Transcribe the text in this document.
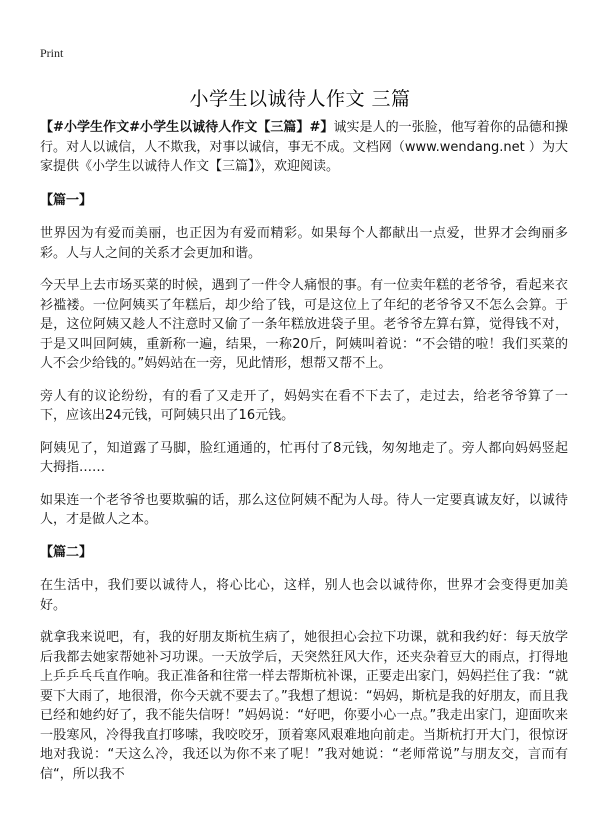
Print
小学生以诚待人作文 三篇

【#小学生作文#小学生以诚待人作文【三篇】#】诚实是人的一张脸，他写着你的品德和操行。对人以诚信，人不欺我，对事以诚信，事无不成。文档网（www.wendang.net ）为大家提供《小学生以诚待人作文【三篇】》，欢迎阅读。

【篇一】

世界因为有爱而美丽，也正因为有爱而精彩。如果每个人都献出一点爱，世界才会绚丽多彩。人与人之间的关系才会更加和谐。

今天早上去市场买菜的时候，遇到了一件令人痛恨的事。有一位卖年糕的老爷爷，看起来衣衫褴褛。一位阿姨买了年糕后，却少给了钱，可是这位上了年纪的老爷爷又不怎么会算。于是，这位阿姨又趁人不注意时又偷了一条年糕放进袋子里。老爷爷左算右算，觉得钱不对，于是又叫回阿姨，重新称一遍，结果，一称20斤，阿姨叫着说：“不会错的啦！我们买菜的人不会少给钱的。”妈妈站在一旁，见此情形，想帮又帮不上。

旁人有的议论纷纷，有的看了又走开了，妈妈实在看不下去了，走过去，给老爷爷算了一下，应该出24元钱，可阿姨只出了16元钱。

阿姨见了，知道露了马脚，脸红通通的，忙再付了8元钱，匆匆地走了。旁人都向妈妈竖起大拇指……

如果连一个老爷爷也要欺骗的话，那么这位阿姨不配为人母。待人一定要真诚友好，以诚待人，才是做人之本。

【篇二】

在生活中，我们要以诚待人，将心比心，这样，别人也会以诚待你，世界才会变得更加美好。

就拿我来说吧，有，我的好朋友斯杭生病了，她很担心会拉下功课，就和我约好：每天放学后我都去她家帮她补习功课。一天放学后，天突然狂风大作，还夹杂着豆大的雨点，打得地上乒乒乓乓直作响。我正准备和往常一样去帮斯杭补课，正要走出家门，妈妈拦住了我：“就要下大雨了，地很滑，你今天就不要去了。”我想了想说：“妈妈，斯杭是我的好朋友，而且我已经和她约好了，我不能失信呀！”妈妈说：“好吧，你要小心一点。”我走出家门，迎面吹来一股寒风，冷得我直打哆嗦，我咬咬牙，顶着寒风艰难地向前走。当斯杭打开大门，很惊讶地对我说：“天这么冷，我还以为你不来了呢！”我对她说：“老师常说”与朋友交，言而有信“，所以我不
